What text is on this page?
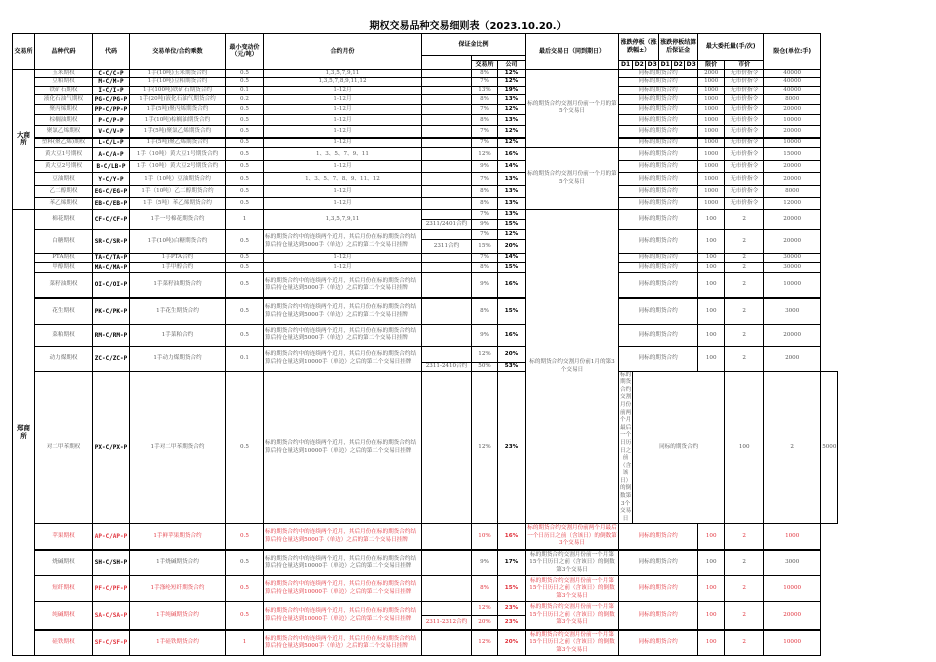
期权交易品种交易细则表（2023.10.20.）
交易所	品种代码	代码	交易单位/合约乘数	最小变动价（元/吨）	合约月份	保证金比例			最后交易日（同到期日）	涨跌停板（涨跌幅±）			涨跌停板结算后保证金			最大委托量(手/次)		限仓(单位:手)	

							交易所	公司		D1	D2	D3	D1	D2	D3	限价	市价		
大商所	玉米期权	C-C/C-P	1手(10吨)玉米期货合约	0.5	1,3,5,7,9,11		8%	12%	标的期货合约交割月份前一个月的第5个交易日	同标的期货合约						2000	无市价指令	40000	
	豆粕期权	M-C/M-P	1手(10吨)豆粕期货合约	0.5	1,3,5,7,8,9,11,12		7%	12%		同标的期货合约						1000	无市价指令	40000	
	铁矿石期权	I-C/I-P	1手(100吨)铁矿石期货合约	0.1	1-12月		13%	19%		同标的期货合约						1000	无市价指令	40000	
	液化石油气期权	PG-C/PG-P	1手(20吨)液化石油气期货合约	0.2	1-12月		8%	13%		同标的期货合约						1000	无市价指令	8000	
	聚丙烯期权	PP-C/PP-P	1手(5吨)聚丙烯期货合约	0.5	1-12月		7%	12%		同标的期货合约						1000	无市价指令	20000	
	棕榈油期权	P-C/P-P	1手(10吨)棕榈油期货合约	0.5	1-12月		8%	13%		同标的期货合约						1000	无市价指令	10000	
	聚氯乙烯期权	V-C/V-P	1手(5吨)聚氯乙烯期货合约	0.5	1-12月		7%	12%		同标的期货合约						1000	无市价指令	20000	
	塑料(聚乙烯)期权	L-C/L-P	1手(5吨)聚乙烯期货合约	0.5	1-12月		7%	12%		同标的期货合约						1000	无市价指令	10000	
	黄大豆1号期权	A-C/A-P	1手（10吨）黄大豆1号期货合约	0.5	1、3、5、7、9、11		12%	16%	标的期货合约交割月份前一个月的第5个交易日	同标的期货合约						1000	无市价指令	15000	
	黄大豆2号期权	B-C/LB-P	1手（10吨）黄大豆2号期货合约	0.5	1-12月		9%	14%		同标的期货合约						1000	无市价指令	20000	
	豆油期权	Y-C/Y-P	1手（10吨）豆油期货合约	0.5	1、3、5、7、8、9、11、12		7%	13%		同标的期货合约						1000	无市价指令	20000	
	乙二醇期权	EG-C/EG-P	1手（10吨）乙二醇期货合约	0.5	1-12月		8%	13%		同标的期货合约						1000	无市价指令	8000	
	苯乙烯期权	EB-C/EB-P	1手（5吨）苯乙烯期货合约	0.5	1-12月		8%	13%		同标的期货合约						1000	无市价指令	12000	
郑商所	棉花期权	CF-C/CF-P	1手一号棉花期货合约	1	1,3,5,7,9,11		7%	13%	标的期货合约交割月份前1月的第3个交易日	同标的期货合约						100	2	20000	
						2311/2401合约	9%	15%											
	白糖期权	SR-C/SR-P	1手(10吨)白糖期货合约	0.5	标的期货合约中的连续两个近月，其后月份在标的期货合约结算后持仓量达到5000手（单边）之后的第二个交易日挂牌		7%	12%		同标的期货合约						100	2	20000	
						2311合约	15%	20%											
	PTA期权	TA-C/TA-P	1手PTA合约	0.5	1-12月		7%	14%		同标的期货合约						100	2	30000	
	甲醇期权	MA-C/MA-P	1手甲醇合约	0.5	1-12月		8%	15%		同标的期货合约						100	2	30000	
	菜籽油期权	OI-C/OI-P	1手菜籽油期货合约	0.5	标的期货合约中的连续两个近月，其后月份在标的期货合约结算后持仓量达到5000手（单边）之后的第二个交易日挂牌		9%	16%		同标的期货合约						100	2	10000	
	花生期权	PK-C/PK-P	1手花生期货合约	0.5	标的期货合约中的连续两个近月，其后月份在标的期货合约结算后持仓量达到5000手（单边）之后的第二个交易日挂牌		8%	15%		同标的期货合约						100	2	3000	
	菜粕期权	RM-C/RM-P	1手菜粕合约	0.5	标的期货合约中的连续两个近月，其后月份在标的期货合约结算后持仓量达到5000手（单边）之后的第二个交易日挂牌		9%	16%		同标的期货合约						100	2	20000	
	动力煤期权	ZC-C/ZC-P	1手动力煤期货合约	0.1	标的期货合约中的连续两个近月，其后月份在标的期货合约结算后持仓量达到10000手（单边）之后的第二个交易日挂牌		12%	20%		同标的期货合约						100	2	2000	
						2311-2410合约	50%	53%											
	对二甲苯期权	PX-C/PX-P	1手对二甲苯期货合约	0.5	标的期货合约中的连续两个近月，其后月份在标的期货合约结算后持仓量达到10000手（单边）之后的第二个交易日挂牌		12%	23%		标的期货合约交割月份前两个月最后一个日历日之前（含该日）的倒数第3个交易日	同标的期货合约						100	2	5000
	苹果期权	AP-C/AP-P	1手鲜苹果期货合约	0.5	标的期货合约中的连续两个近月，其后月份在标的期货合约结算后持仓量达到5000手（单边）之后的第二个交易日挂牌		10%	16%	标的期货合约交割月份前两个月最后一个日历日之前（含该日）的倒数第3个交易日	同标的期货合约						100	2	1000	
	烧碱期权	SH-C/SH-P	1手烧碱期货合约	0.5	标的期货合约中的连续两个近月，其后月份在标的期货合约结算后持仓量达到10000手（单边）之后的第二个交易日挂牌		9%	17%	标的期货合约交割月份前一个月第15个日历日之前（含该日）的倒数第3个交易日	同标的期货合约						100	2	3000	
	短纤期权	PF-C/PF-P	1手涤纶短纤期货合约	0.5	标的期货合约中的连续两个近月，其后月份在标的期货合约结算后持仓量达到10000手（单边）之后的第二个交易日挂牌		8%	15%	标的期货合约交割月份前一个月第15个日历日之前（含该日）的倒数第3个交易日	同标的期货合约						100	2	10000	
	纯碱期权	SA-C/SA-P	1手纯碱期货合约	0.5	标的期货合约中的连续两个近月，其后月份在标的期货合约结算后持仓量达到10000手（单边）之后的第二个交易日挂牌		12%	23%	标的期货合约交割月份前一个月第15个日历日之前（含该日）的倒数第3个交易日	同标的期货合约						100	2	20000	
						2311-2312合约	20%	23%											
	硅铁期权	SF-C/SF-P	1手硅铁期货合约	1	标的期货合约中的连续两个近月，其后月份在标的期货合约结算后持仓量达到5000手（单边）之后的第二个交易日挂牌		12%	20%	标的期货合约交割月份前一个月第15个日历日之前（含该日）的倒数第3个交易日	同标的期货合约						100	2	10000	
